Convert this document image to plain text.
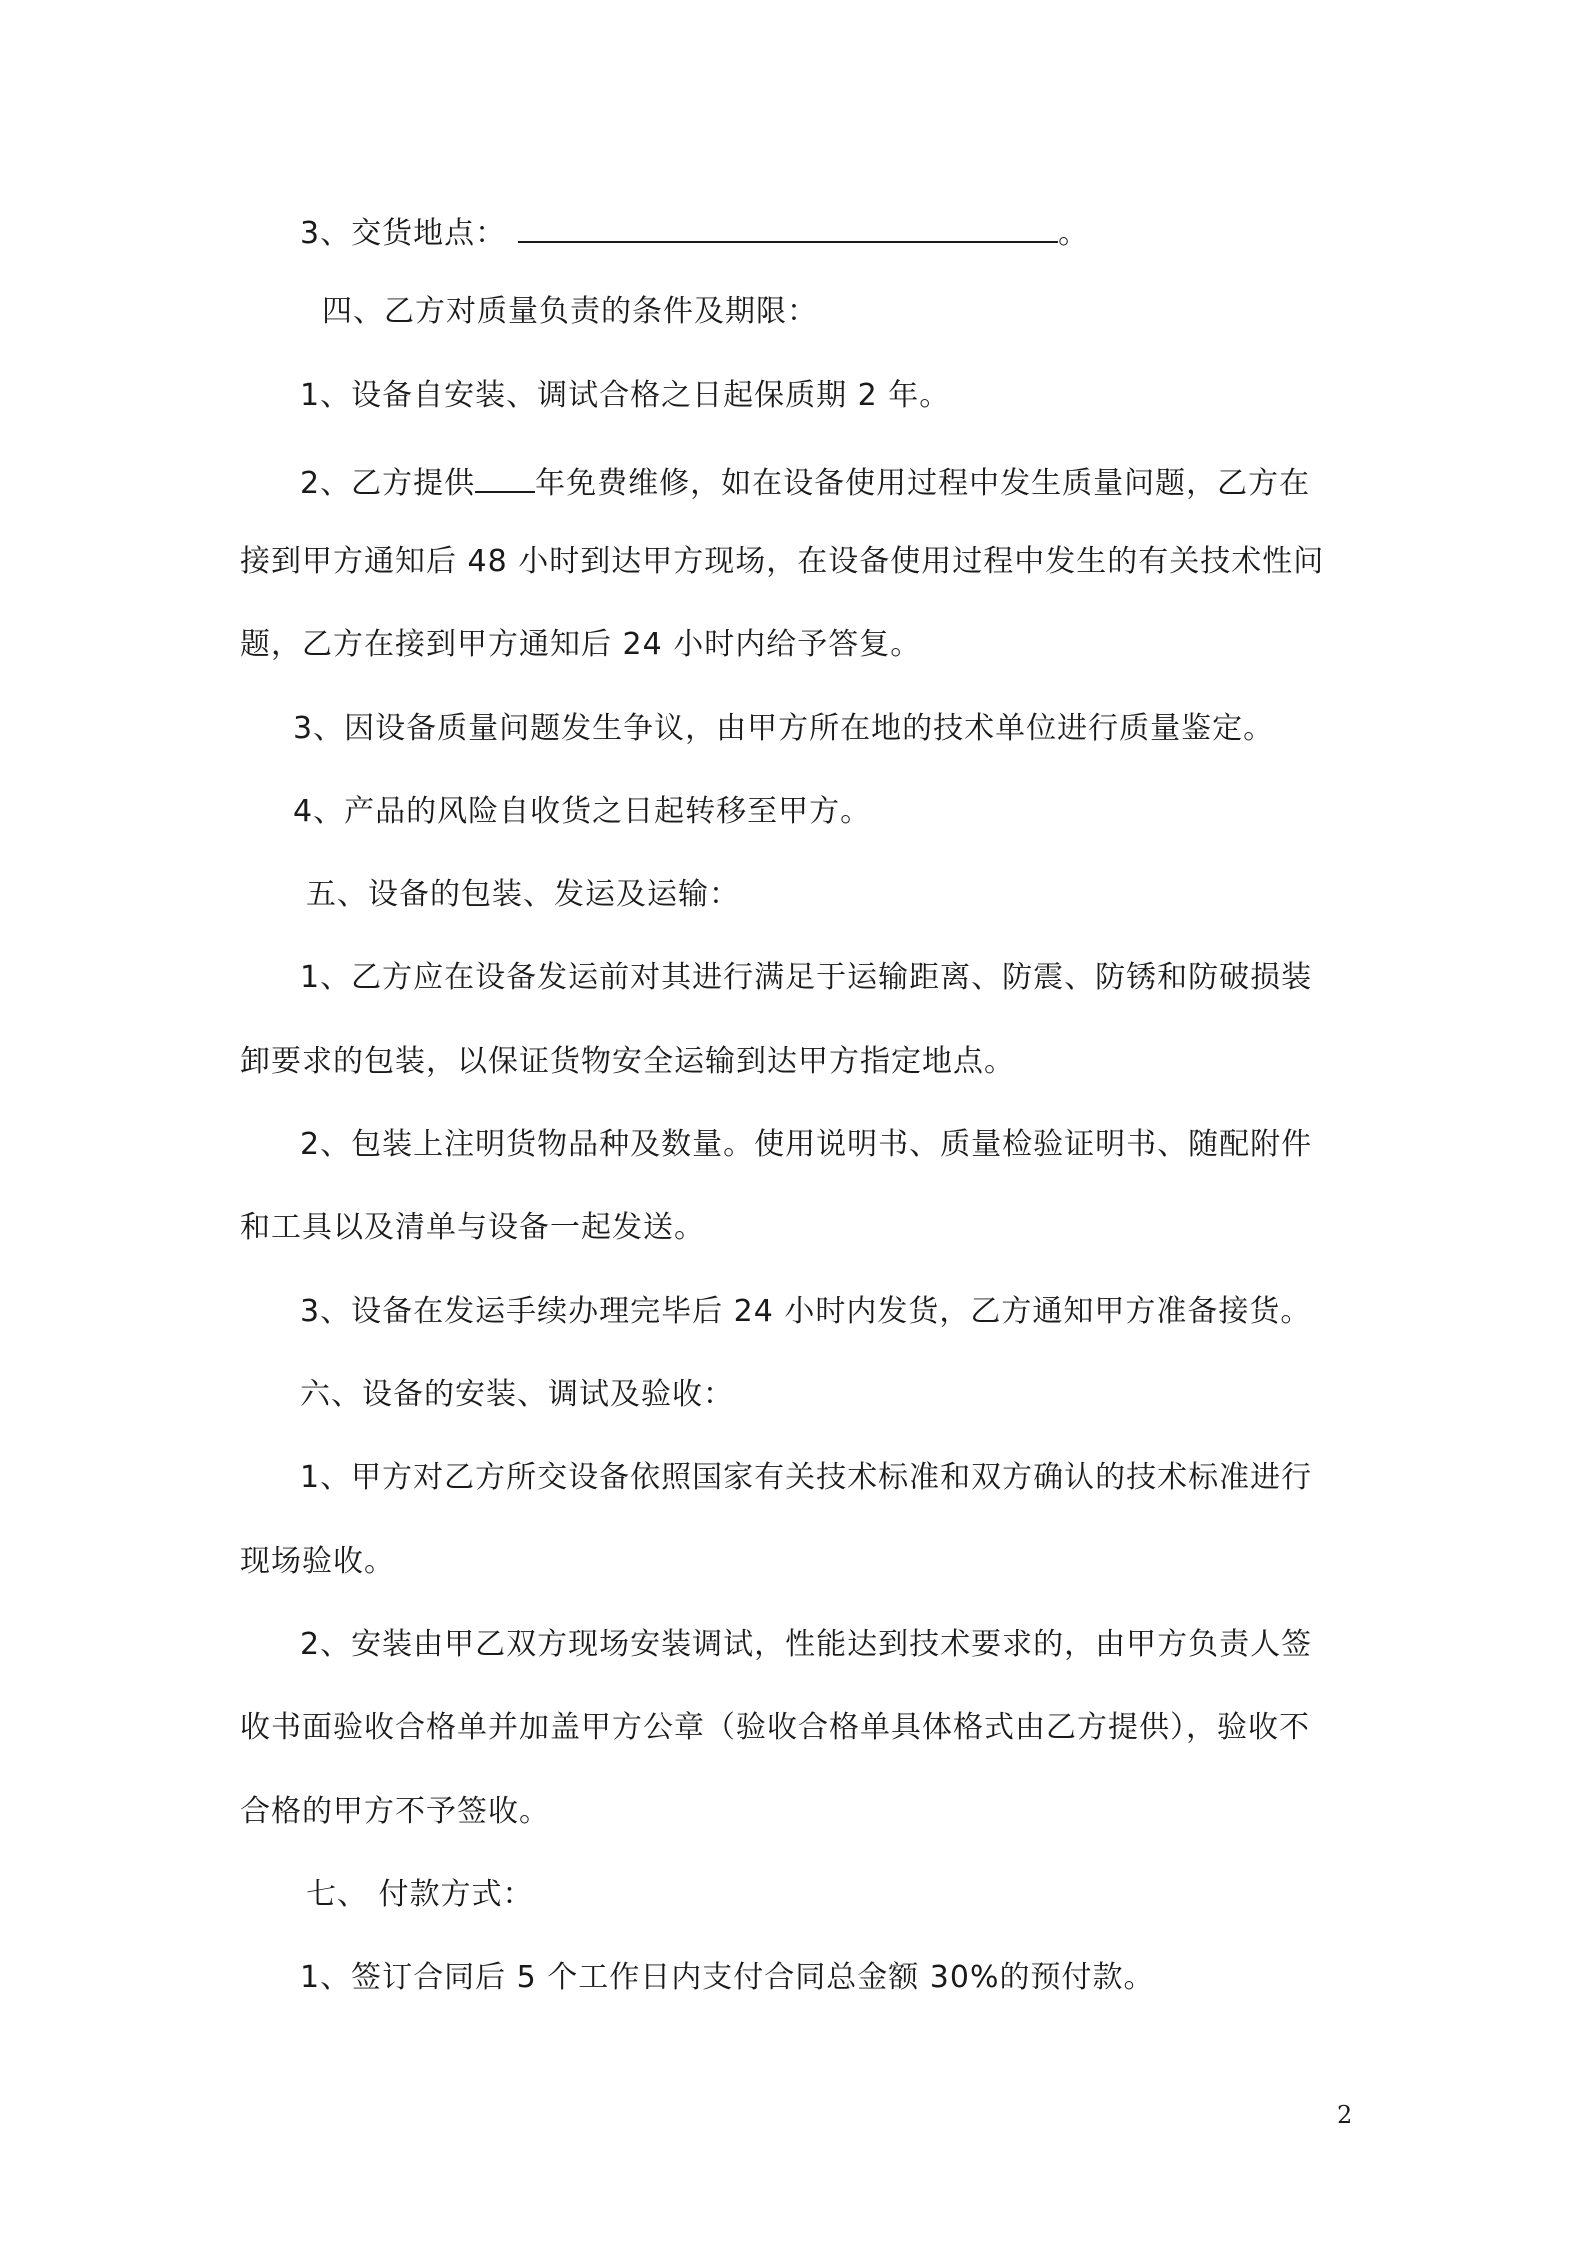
3、交货地点：	。
四、乙方对质量负责的条件及期限：
1、设备自安装、调试合格之日起保质期 2 年。
2、乙方提供 年免费维修，如在设备使用过程中发生质量问题，乙方在
接到甲方通知后 48 小时到达甲方现场，在设备使用过程中发生的有关技术性问
题，乙方在接到甲方通知后 24 小时内给予答复。
3、因设备质量问题发生争议，由甲方所在地的技术单位进行质量鉴定。
4、产品的风险自收货之日起转移至甲方。
五、设备的包装、发运及运输：
1、乙方应在设备发运前对其进行满足于运输距离、防震、防锈和防破损装
卸要求的包装，以保证货物安全运输到达甲方指定地点。
2、包装上注明货物品种及数量。使用说明书、质量检验证明书、随配附件
和工具以及清单与设备一起发送。
3、设备在发运手续办理完毕后 24 小时内发货，乙方通知甲方准备接货。
六、设备的安装、调试及验收：
1、甲方对乙方所交设备依照国家有关技术标准和双方确认的技术标准进行
现场验收。
2、安装由甲乙双方现场安装调试，性能达到技术要求的，由甲方负责人签
收书面验收合格单并加盖甲方公章（验收合格单具体格式由乙方提供），验收不
合格的甲方不予签收。
七、 付款方式：
1、签订合同后 5 个工作日内支付合同总金额 30%的预付款。
2
